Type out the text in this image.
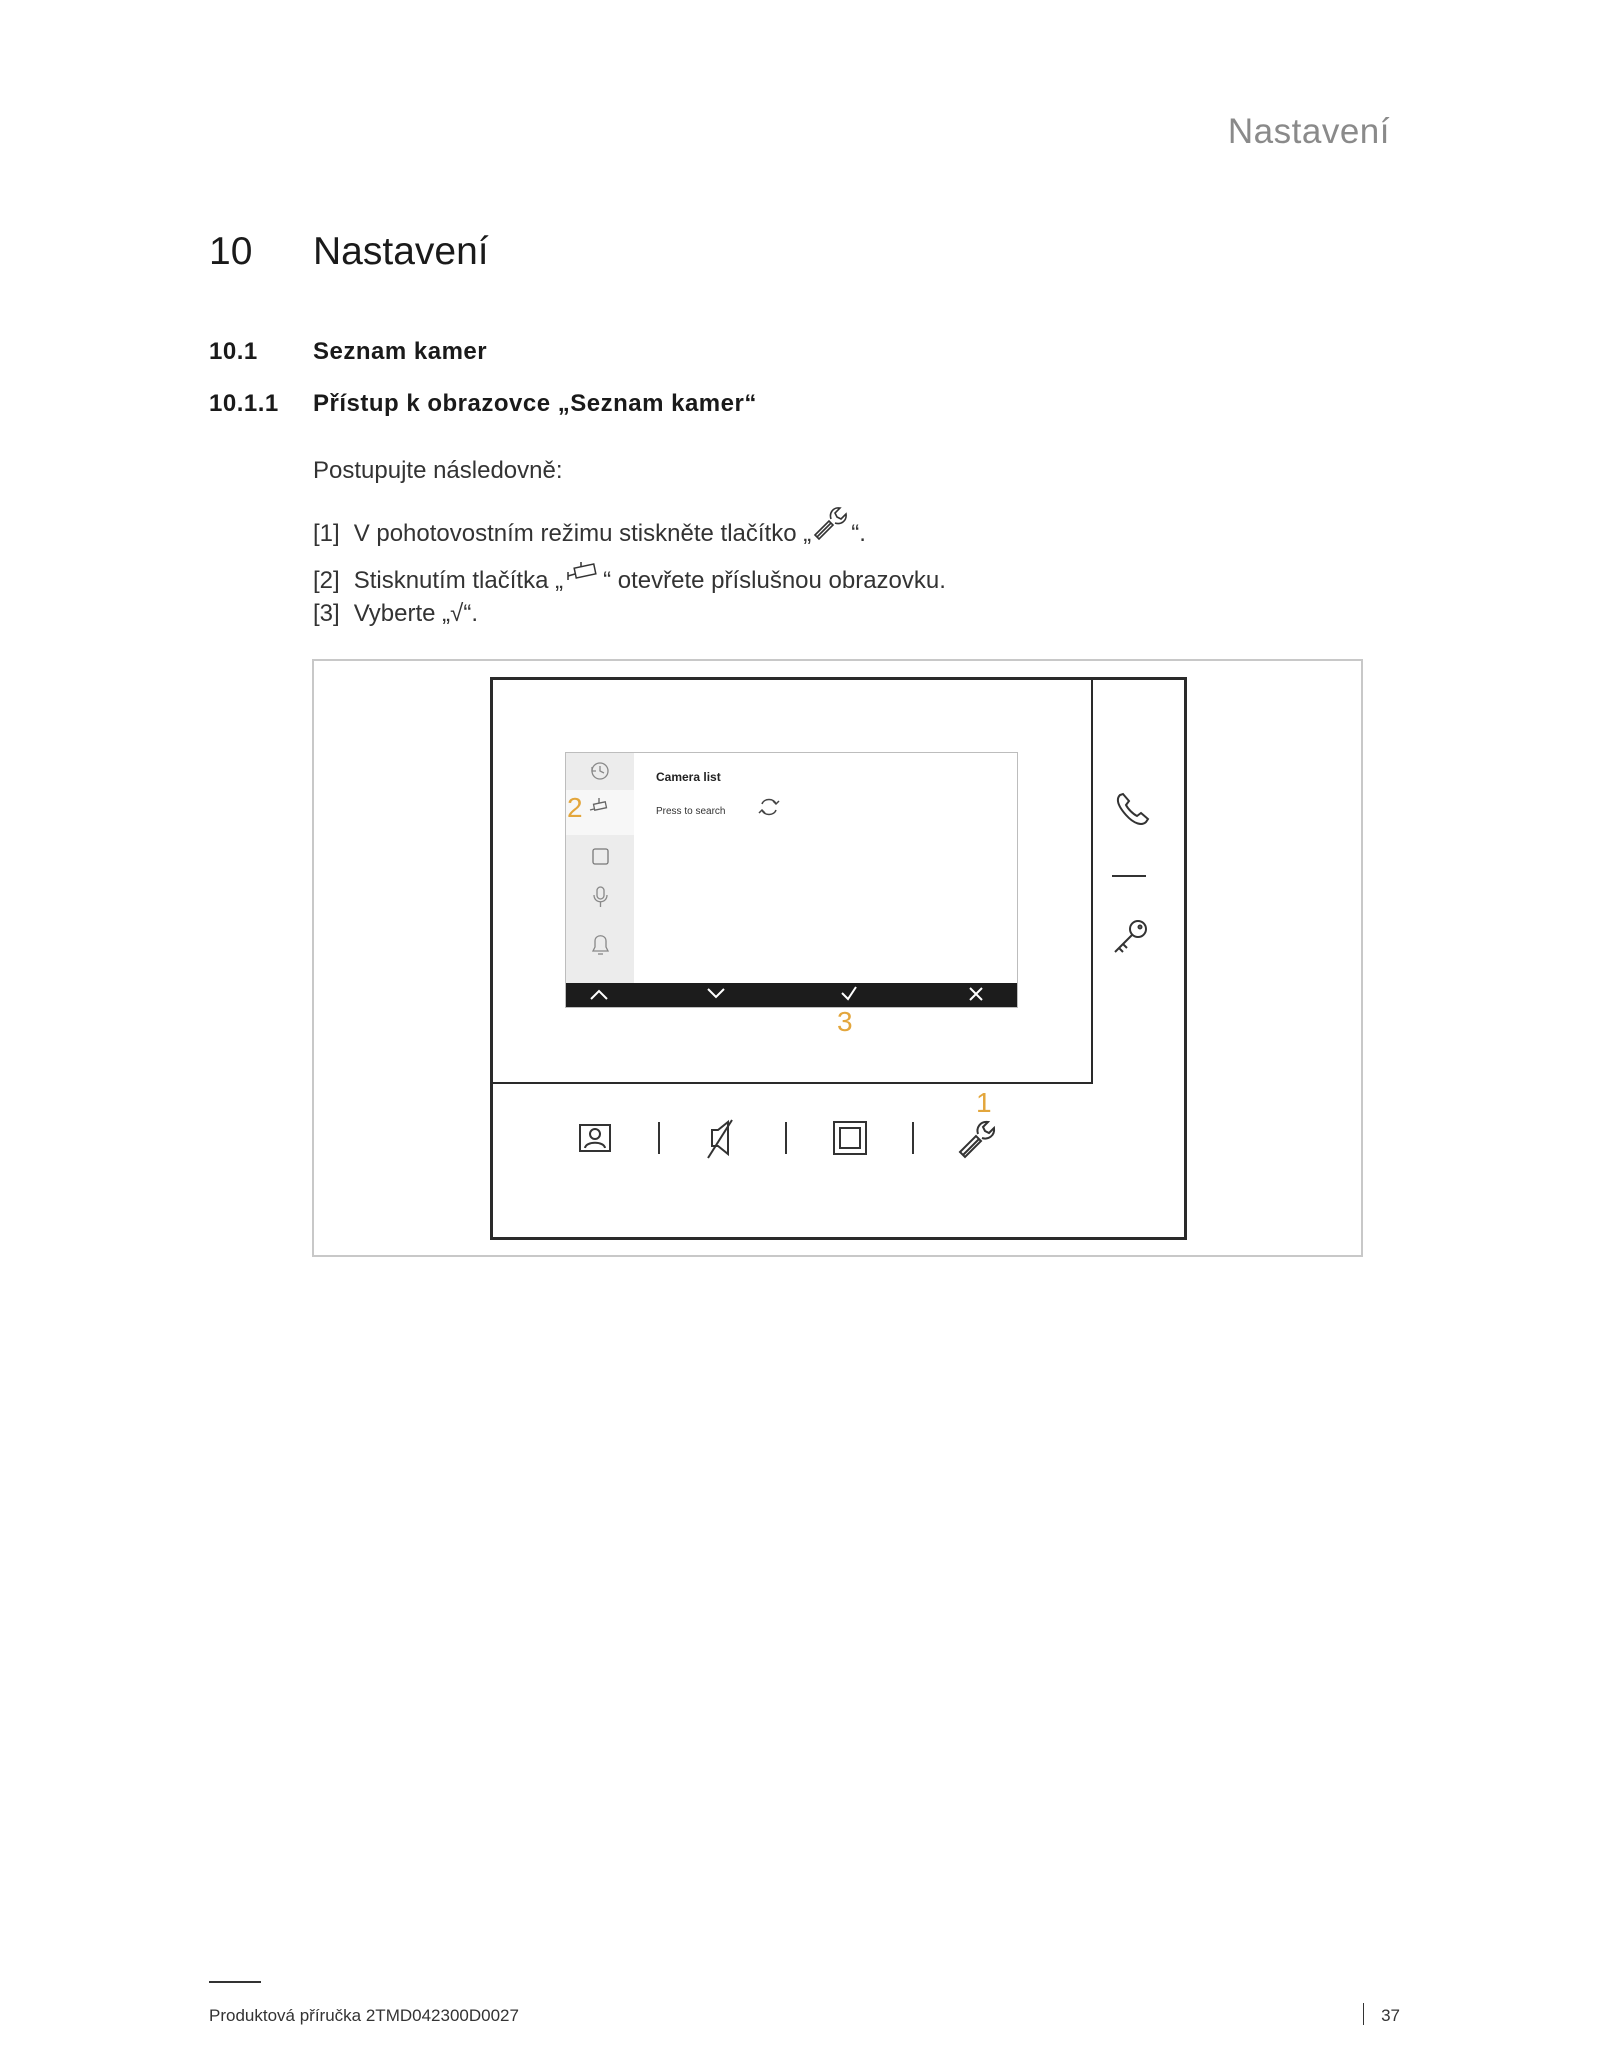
Nastavení
10 Nastavení
10.1 Seznam kamer
10.1.1 Přístup k obrazovce „Seznam kamer“
Postupujte následovně:
[1] V pohotovostním režimu stiskněte tlačítko „ “.
[2] Stisknutím tlačítka „ “ otevřete příslušnou obrazovku.
[3] Vyberte „√“.
Camera list
Press to search
2
3
1
Produktová příručka 2TMD042300D0027	37
